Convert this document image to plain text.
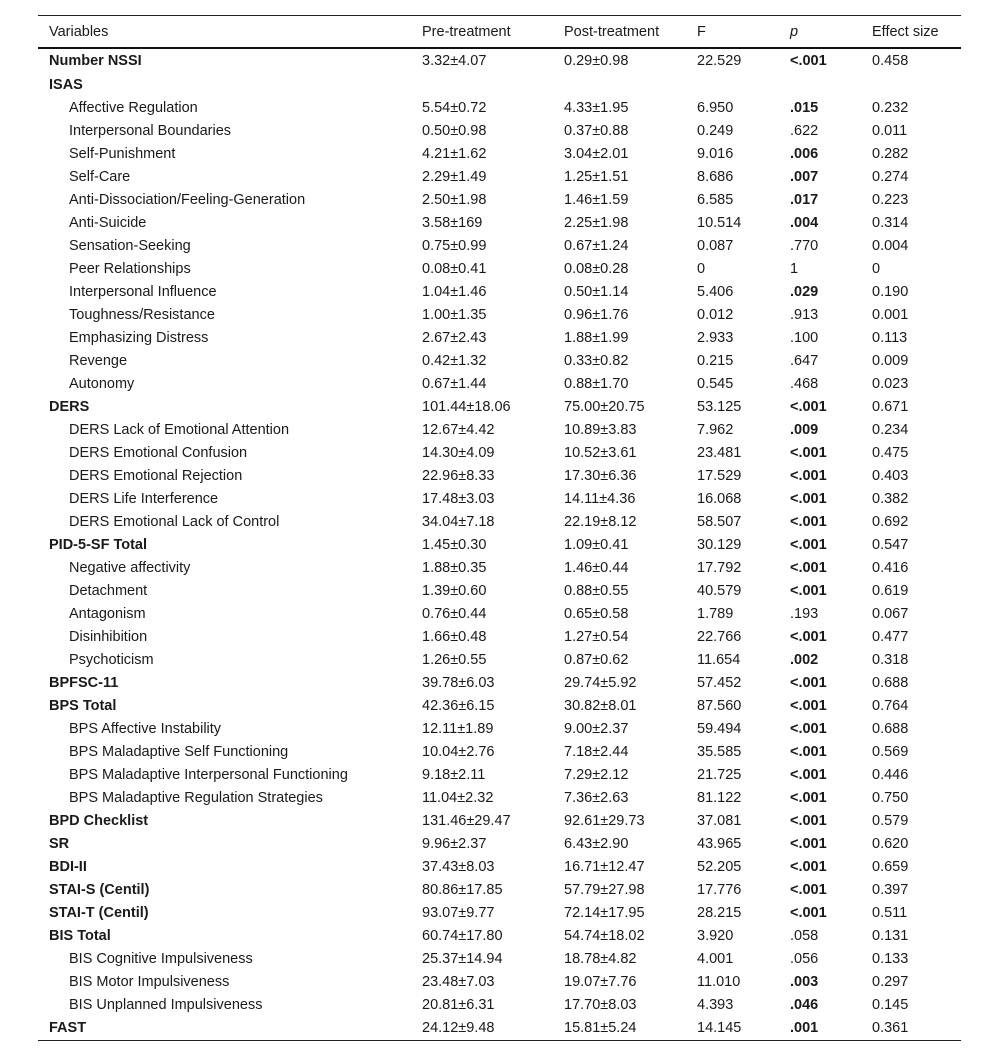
Variables	Pre-treatment	Post-treatment	F	p	Effect size
Number NSSI	3.32±4.07	0.29±0.98	22.529	<.001	0.458
ISAS					
Affective Regulation	5.54±0.72	4.33±1.95	6.950	.015	0.232
Interpersonal Boundaries	0.50±0.98	0.37±0.88	0.249	.622	0.011
Self-Punishment	4.21±1.62	3.04±2.01	9.016	.006	0.282
Self-Care	2.29±1.49	1.25±1.51	8.686	.007	0.274
Anti-Dissociation/Feeling-Generation	2.50±1.98	1.46±1.59	6.585	.017	0.223
Anti-Suicide	3.58±169	2.25±1.98	10.514	.004	0.314
Sensation-Seeking	0.75±0.99	0.67±1.24	0.087	.770	0.004
Peer Relationships	0.08±0.41	0.08±0.28	0	1	0
Interpersonal Influence	1.04±1.46	0.50±1.14	5.406	.029	0.190
Toughness/Resistance	1.00±1.35	0.96±1.76	0.012	.913	0.001
Emphasizing Distress	2.67±2.43	1.88±1.99	2.933	.100	0.113
Revenge	0.42±1.32	0.33±0.82	0.215	.647	0.009
Autonomy	0.67±1.44	0.88±1.70	0.545	.468	0.023
DERS	101.44±18.06	75.00±20.75	53.125	<.001	0.671
DERS Lack of Emotional Attention	12.67±4.42	10.89±3.83	7.962	.009	0.234
DERS Emotional Confusion	14.30±4.09	10.52±3.61	23.481	<.001	0.475
DERS Emotional Rejection	22.96±8.33	17.30±6.36	17.529	<.001	0.403
DERS Life Interference	17.48±3.03	14.11±4.36	16.068	<.001	0.382
DERS Emotional Lack of Control	34.04±7.18	22.19±8.12	58.507	<.001	0.692
PID-5-SF Total	1.45±0.30	1.09±0.41	30.129	<.001	0.547
Negative affectivity	1.88±0.35	1.46±0.44	17.792	<.001	0.416
Detachment	1.39±0.60	0.88±0.55	40.579	<.001	0.619
Antagonism	0.76±0.44	0.65±0.58	1.789	.193	0.067
Disinhibition	1.66±0.48	1.27±0.54	22.766	<.001	0.477
Psychoticism	1.26±0.55	0.87±0.62	11.654	.002	0.318
BPFSC-11	39.78±6.03	29.74±5.92	57.452	<.001	0.688
BPS Total	42.36±6.15	30.82±8.01	87.560	<.001	0.764
BPS Affective Instability	12.11±1.89	9.00±2.37	59.494	<.001	0.688
BPS Maladaptive Self Functioning	10.04±2.76	7.18±2.44	35.585	<.001	0.569
BPS Maladaptive Interpersonal Functioning	9.18±2.11	7.29±2.12	21.725	<.001	0.446
BPS Maladaptive Regulation Strategies	11.04±2.32	7.36±2.63	81.122	<.001	0.750
BPD Checklist	131.46±29.47	92.61±29.73	37.081	<.001	0.579
SR	9.96±2.37	6.43±2.90	43.965	<.001	0.620
BDI-II	37.43±8.03	16.71±12.47	52.205	<.001	0.659
STAI-S (Centil)	80.86±17.85	57.79±27.98	17.776	<.001	0.397
STAI-T (Centil)	93.07±9.77	72.14±17.95	28.215	<.001	0.511
BIS Total	60.74±17.80	54.74±18.02	3.920	.058	0.131
BIS Cognitive Impulsiveness	25.37±14.94	18.78±4.82	4.001	.056	0.133
BIS Motor Impulsiveness	23.48±7.03	19.07±7.76	11.010	.003	0.297
BIS Unplanned Impulsiveness	20.81±6.31	17.70±8.03	4.393	.046	0.145
FAST	24.12±9.48	15.81±5.24	14.145	.001	0.361
